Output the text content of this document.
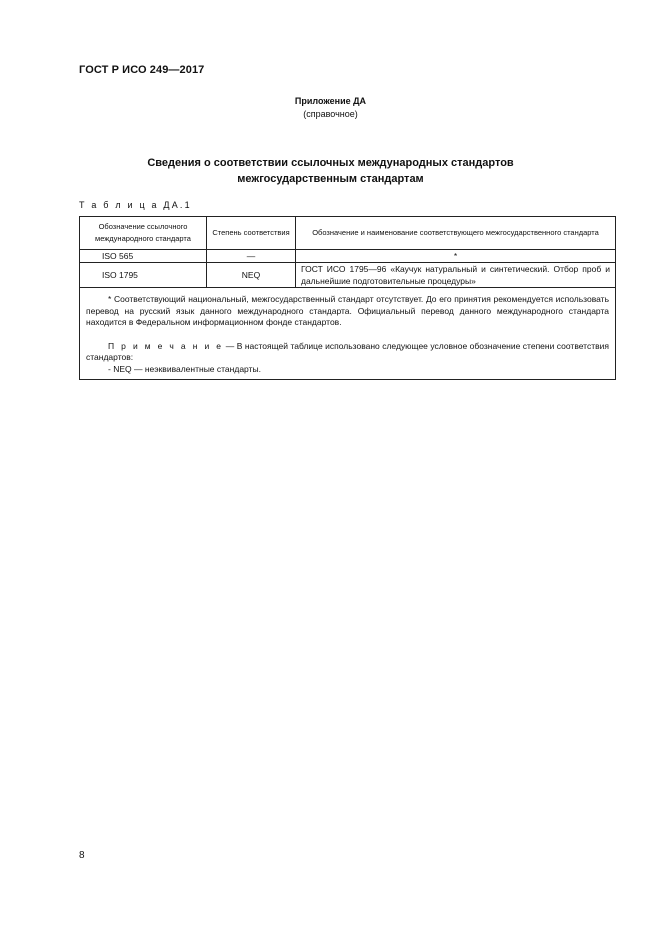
ГОСТ Р ИСО 249—2017
Приложение ДА
(справочное)
Сведения о соответствии ссылочных международных стандартов
межгосударственным стандартам
Т а б л и ц а ДА.1
Обозначение ссылочного международного стандарта	Степень соответствия	Обозначение и наименование соответствующего межгосударственного стандарта
ISO 565	—	*
ISO 1795	NEQ	ГОСТ ИСО 1795—96 «Каучук натуральный и синтетический. Отбор проб и дальнейшие подготовительные процедуры»

* Соответствующий национальный, межгосударственный стандарт отсутствует. До его принятия рекомендуется использовать перевод на русский язык данного международного стандарта. Официальный перевод данного международного стандарта находится в Федеральном информационном фонде стандартов.

П р и м е ч а н и е — В настоящей таблице использовано следующее условное обозначение степени соответствия стандартов:

- NEQ — неэквивалентные стандарты.		

8
